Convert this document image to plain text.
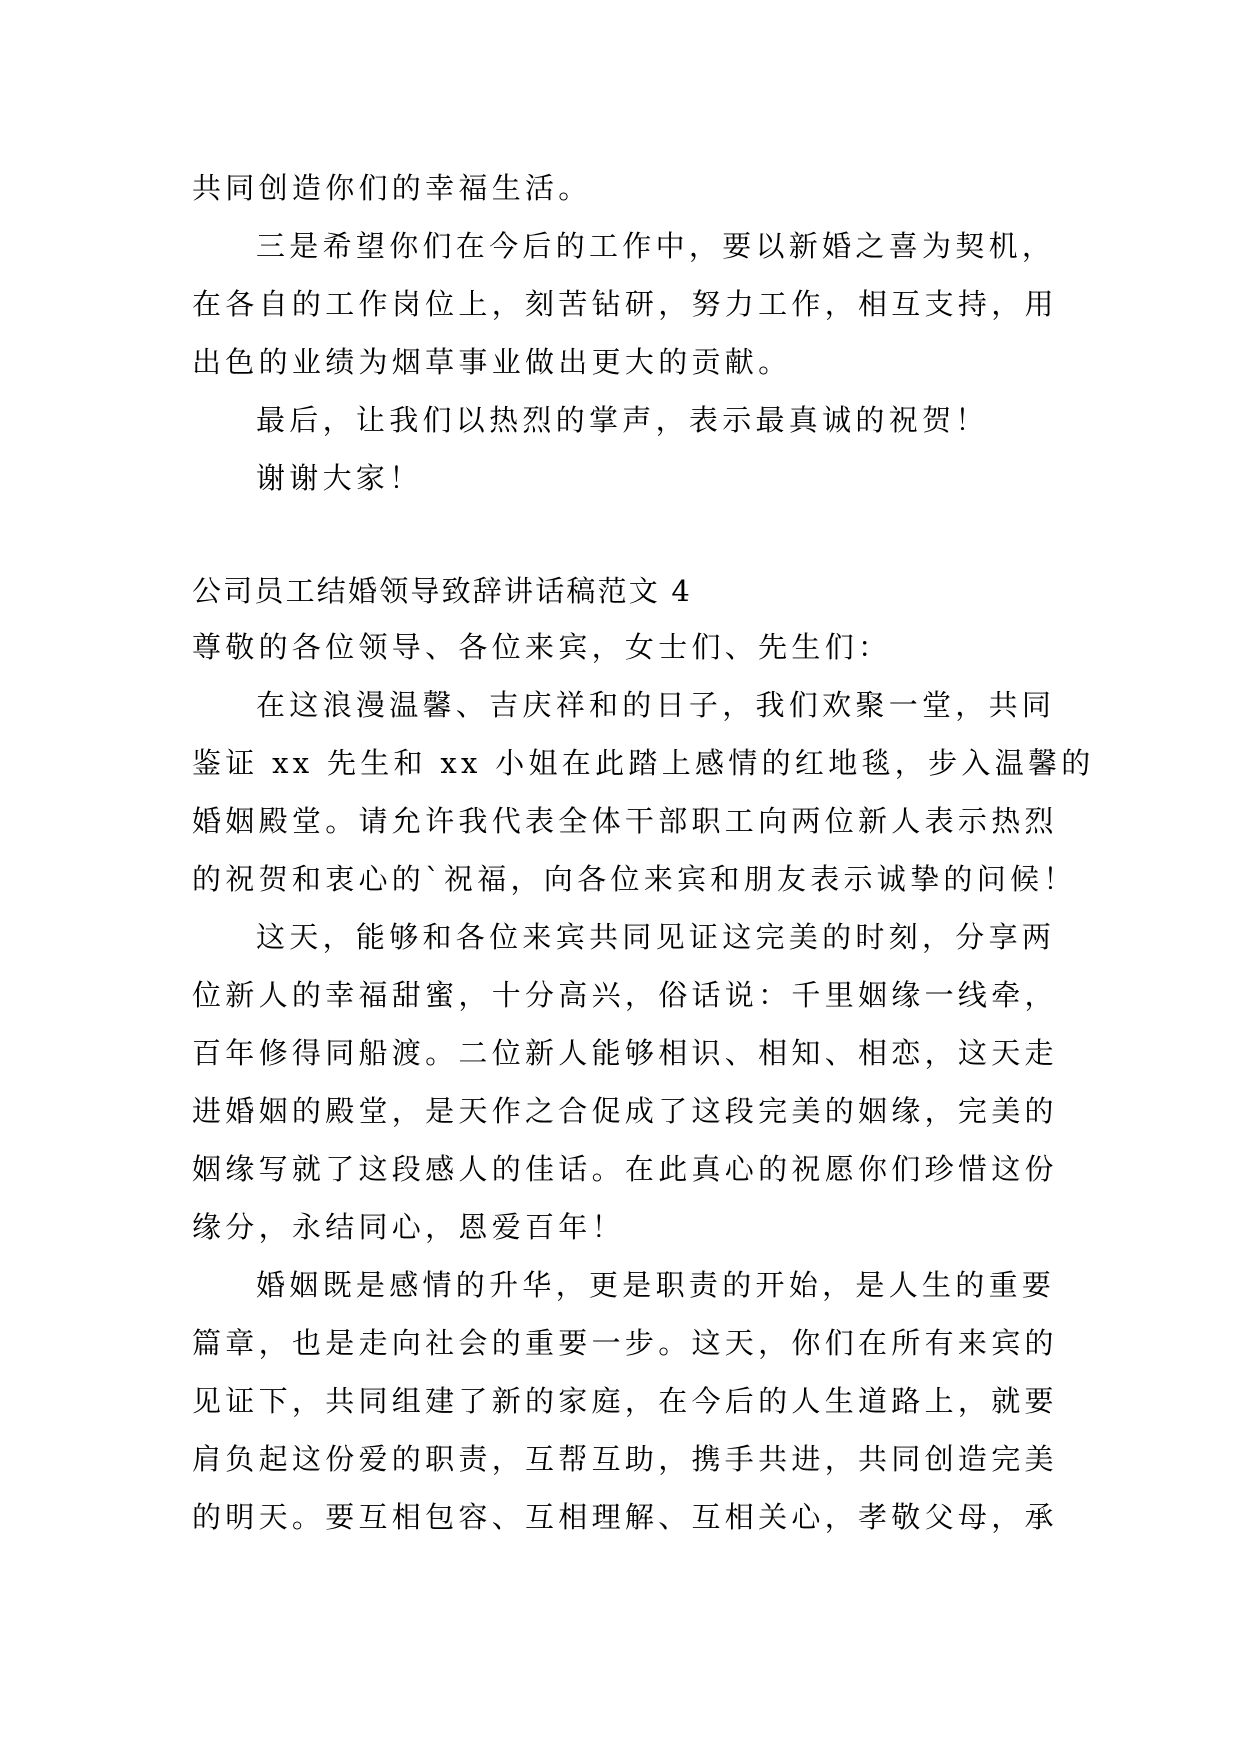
共同创造你们的幸福生活。

三是希望你们在今后的工作中，要以新婚之喜为契机，

在各自的工作岗位上，刻苦钻研，努力工作，相互支持，用

出色的业绩为烟草事业做出更大的贡献。

最后，让我们以热烈的掌声，表示最真诚的祝贺！

谢谢大家！

公司员工结婚领导致辞讲话稿范文 4

尊敬的各位领导、各位来宾，女士们、先生们：

在这浪漫温馨、吉庆祥和的日子，我们欢聚一堂，共同

鉴证 xx 先生和 xx 小姐在此踏上感情的红地毯，步入温馨的

婚姻殿堂。请允许我代表全体干部职工向两位新人表示热烈

的祝贺和衷心的`祝福，向各位来宾和朋友表示诚挚的问候！

这天，能够和各位来宾共同见证这完美的时刻，分享两

位新人的幸福甜蜜，十分高兴，俗话说：千里姻缘一线牵，

百年修得同船渡。二位新人能够相识、相知、相恋，这天走

进婚姻的殿堂，是天作之合促成了这段完美的姻缘，完美的

姻缘写就了这段感人的佳话。在此真心的祝愿你们珍惜这份

缘分，永结同心，恩爱百年！

婚姻既是感情的升华，更是职责的开始，是人生的重要

篇章，也是走向社会的重要一步。这天，你们在所有来宾的

见证下，共同组建了新的家庭，在今后的人生道路上，就要

肩负起这份爱的职责，互帮互助，携手共进，共同创造完美

的明天。要互相包容、互相理解、互相关心，孝敬父母，承
